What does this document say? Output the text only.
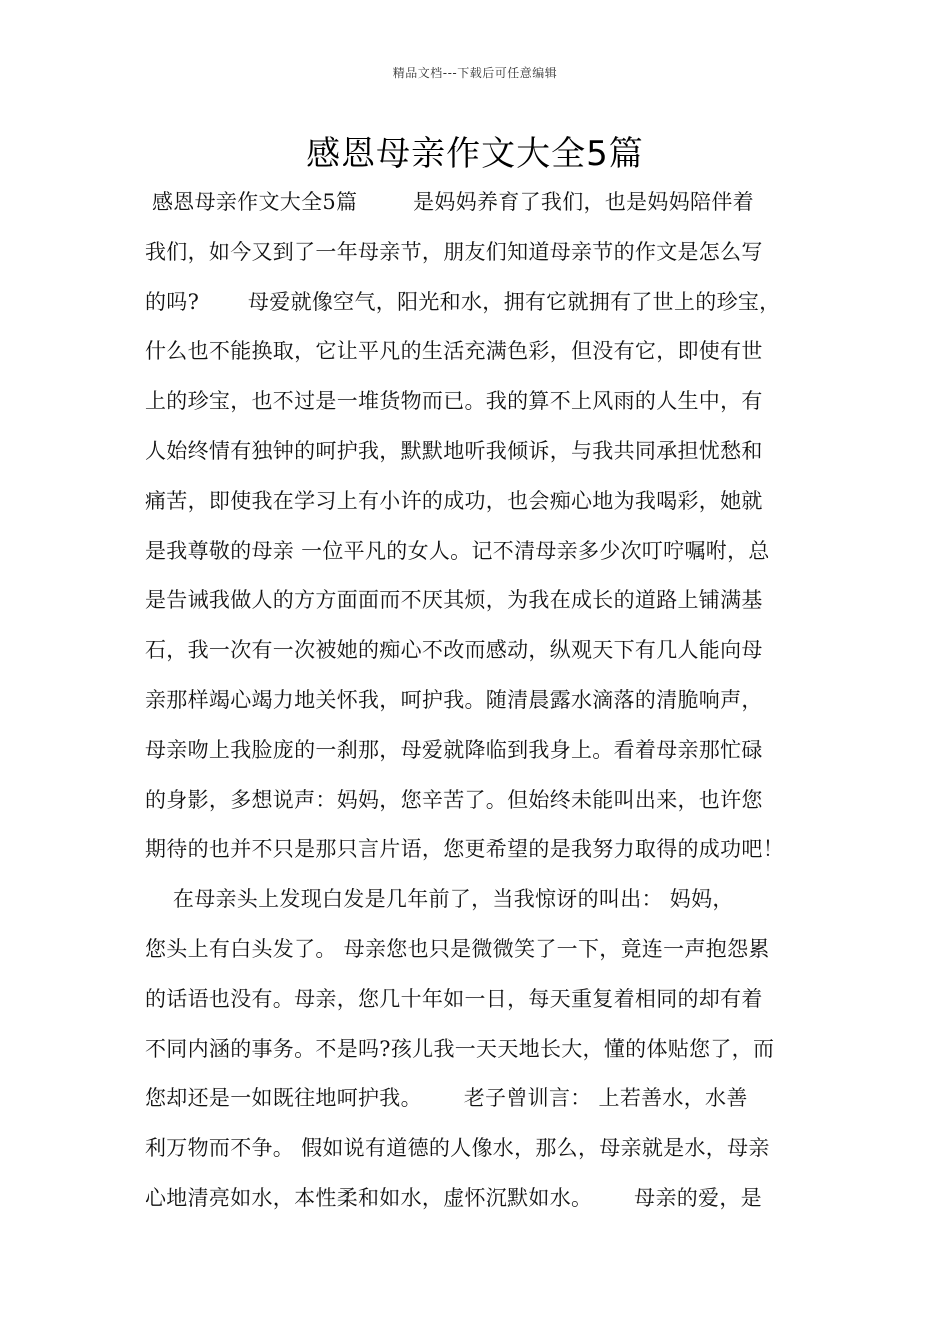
精品文档---下载后可任意编辑
感恩母亲作文大全5篇
感恩母亲作文大全5篇        是妈妈养育了我们，也是妈妈陪伴着
我们，如今又到了一年母亲节，朋友们知道母亲节的作文是怎么写
的吗?       母爱就像空气，阳光和水，拥有它就拥有了世上的珍宝，
什么也不能换取，它让平凡的生活充满色彩，但没有它，即使有世
上的珍宝，也不过是一堆货物而已。我的算不上风雨的人生中，有
人始终情有独钟的呵护我，默默地听我倾诉，与我共同承担忧愁和
痛苦，即使我在学习上有小许的成功，也会痴心地为我喝彩，她就
是我尊敬的母亲 一位平凡的女人。记不清母亲多少次叮咛嘱咐，总
是告诫我做人的方方面面而不厌其烦，为我在成长的道路上铺满基
石，我一次有一次被她的痴心不改而感动，纵观天下有几人能向母
亲那样竭心竭力地关怀我，呵护我。随清晨露水滴落的清脆响声，
母亲吻上我脸庞的一刹那，母爱就降临到我身上。看着母亲那忙碌
的身影，多想说声：妈妈，您辛苦了。但始终未能叫出来，也许您
期待的也并不只是那只言片语，您更希望的是我努力取得的成功吧！
在母亲头上发现白发是几年前了，当我惊讶的叫出： 妈妈，
您头上有白头发了。 母亲您也只是微微笑了一下，竟连一声抱怨累
的话语也没有。母亲，您几十年如一日，每天重复着相同的却有着
不同内涵的事务。不是吗?孩儿我一天天地长大，懂的体贴您了，而
您却还是一如既往地呵护我。      老子曾训言： 上若善水，水善
利万物而不争。 假如说有道德的人像水，那么，母亲就是水，母亲
心地清亮如水，本性柔和如水，虚怀沉默如水。      母亲的爱，是
